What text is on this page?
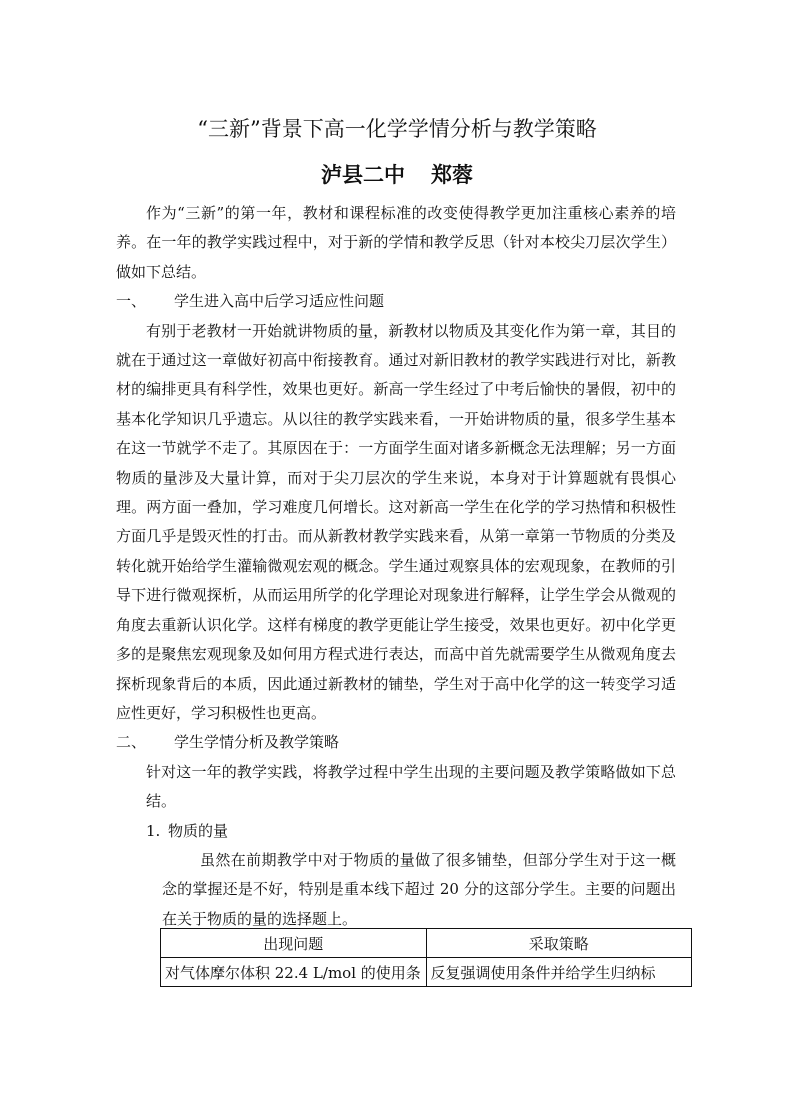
“三新”背景下高一化学学情分析与教学策略
泸县二中 郑蓉

作为“三新”的第一年，教材和课程标准的改变使得教学更加注重核心素养的培养。在一年的教学实践过程中，对于新的学情和教学反思（针对本校尖刀层次学生）做如下总结。

一、	学生进入高中后学习适应性问题

有别于老教材一开始就讲物质的量，新教材以物质及其变化作为第一章，其目的就在于通过这一章做好初高中衔接教育。通过对新旧教材的教学实践进行对比，新教材的编排更具有科学性，效果也更好。新高一学生经过了中考后愉快的暑假，初中的基本化学知识几乎遗忘。从以往的教学实践来看，一开始讲物质的量，很多学生基本在这一节就学不走了。其原因在于：一方面学生面对诸多新概念无法理解；另一方面物质的量涉及大量计算，而对于尖刀层次的学生来说，本身对于计算题就有畏惧心理。两方面一叠加，学习难度几何增长。这对新高一学生在化学的学习热情和积极性方面几乎是毁灭性的打击。而从新教材教学实践来看，从第一章第一节物质的分类及转化就开始给学生灌输微观宏观的概念。学生通过观察具体的宏观现象，在教师的引导下进行微观探析，从而运用所学的化学理论对现象进行解释，让学生学会从微观的角度去重新认识化学。这样有梯度的教学更能让学生接受，效果也更好。初中化学更多的是聚焦宏观现象及如何用方程式进行表达，而高中首先就需要学生从微观角度去探析现象背后的本质，因此通过新教材的铺垫，学生对于高中化学的这一转变学习适应性更好，学习积极性也更高。

二、	学生学情分析及教学策略

针对这一年的教学实践，将教学过程中学生出现的主要问题及教学策略做如下总结。

1. 物质的量

虽然在前期教学中对于物质的量做了很多铺垫，但部分学生对于这一概念的掌握还是不好，特别是重本线下超过 20 分的这部分学生。主要的问题出在关于物质的量的选择题上。

出现问题	采取策略
对气体摩尔体积 22.4 L/mol 的使用条	反复强调使用条件并给学生归纳标
